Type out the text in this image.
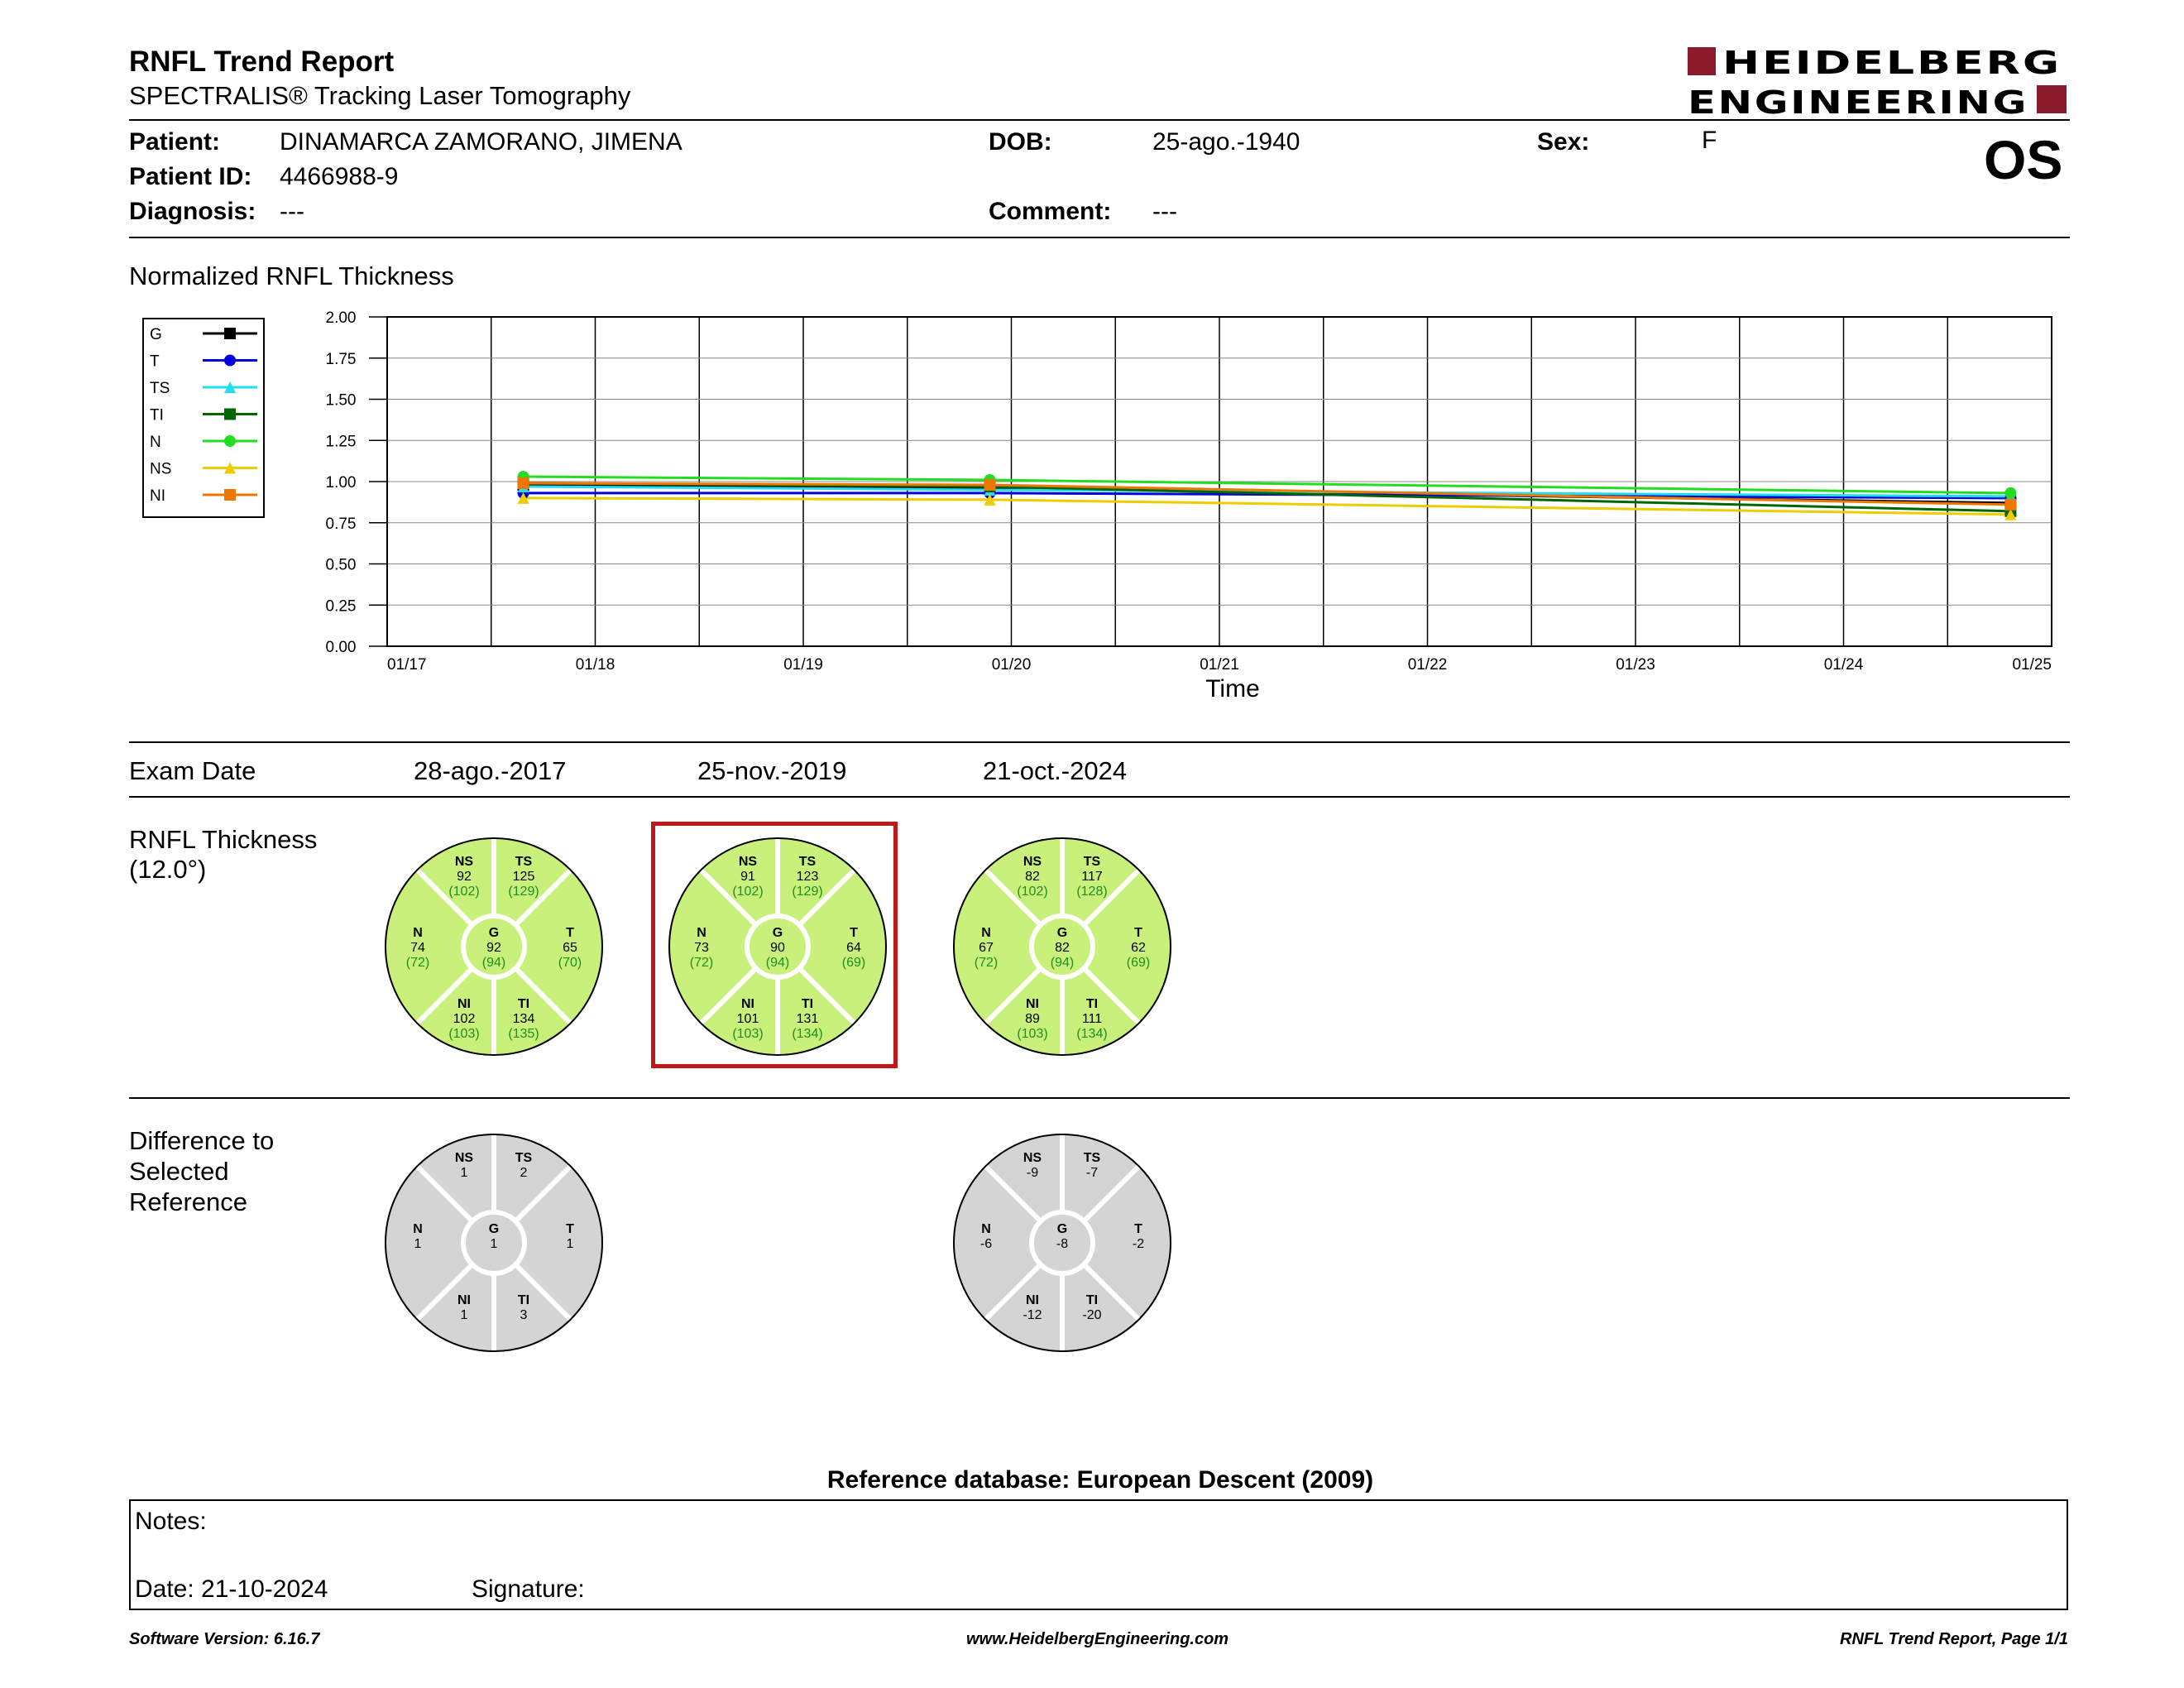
RNFL Trend Report
SPECTRALIS® Tracking Laser Tomography
HEIDELBERG
ENGINEERING
OS
Patient: DINAMARCA ZAMORANO, JIMENA
Patient ID: 4466988-9
Diagnosis: ---
DOB:	25-ago.-1940
Comment: ---
Sex:	F
Normalized RNFL Thickness
0.00
0.25
0.50
0.75
1.00
1.25
1.50
1.75
2.00
01/17	01/18	01/19	01/20	01/21	01/22	01/23	01/24	01/25
Time
G
T
TS
TI
N
NS
NI
Exam Date	28-ago.-2017	25-nov.-2019	21-oct.-2024
RNFL Thickness
(12.0°)	NS
92
(102)
TS
125
(129)
N
74
(72)
G
92
(94)
T
65
(70)
NI
102
(103)
TI
134
(135)
NS
91
(102)
TS
123
(129)
N
73
(72)
G
90
(94)
T
64
(69)
NI
101
(103)
TI
131
(134)
NS
82
(102)
TS
117
(128)
N
67
(72)
G
82
(94)
T
62
(69)
NI
89
(103)
TI
111
(134)
NS
1
TS
2
N
1
G
1
T
1
NI
1
TI
3
NS
-9
TS
-7
N
-6
G
-8
T
-2
NI
-12
TI
-20
Difference to
Selected
Reference
Reference database: European Descent (2009)
Notes:
Date: 21-10-2024	Signature:
Software Version: 6.16.7	www.HeidelbergEngineering.com	RNFL Trend Report, Page 1/1
